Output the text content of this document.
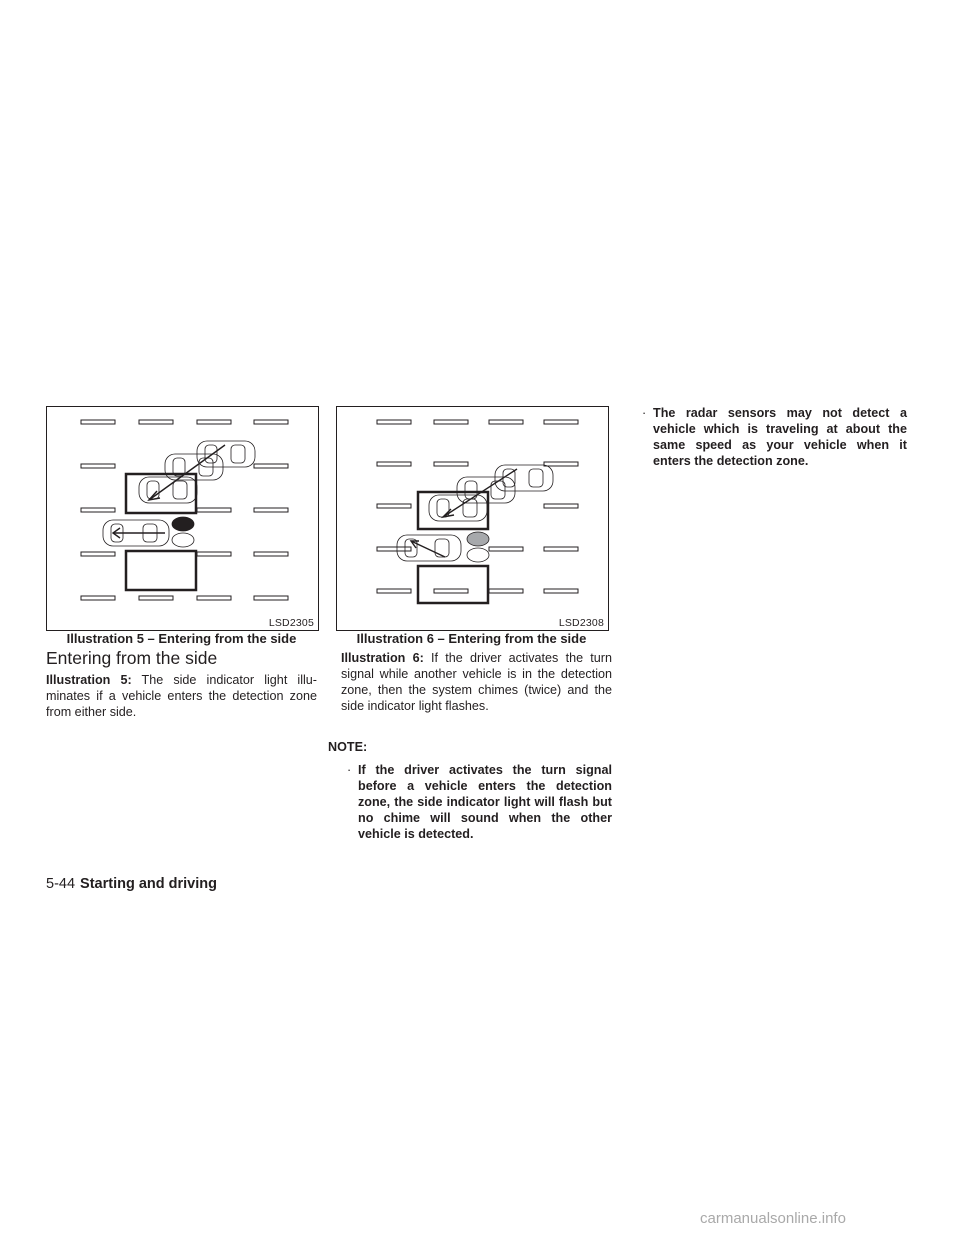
LSD2305
Illustration 5 – Entering from the side
LSD2308
Illustration 6 – Entering from the side
Entering from the side

Illustration 5: The side indicator light illu-minates if a vehicle enters the detection zone from either side.

Illustration 6: If the driver activates the turn signal while another vehicle is in the detection zone, then the system chimes (twice) and the side indicator light flashes.

NOTE:
· If the driver activates the turn signal before a vehicle enters the detection zone, the side indicator light will flash but no chime will sound when the other vehicle is detected.
· The radar sensors may not detect a vehicle which is traveling at about the same speed as your vehicle when it enters the detection zone.
5-44 Starting and driving
carmanualsonline.info
